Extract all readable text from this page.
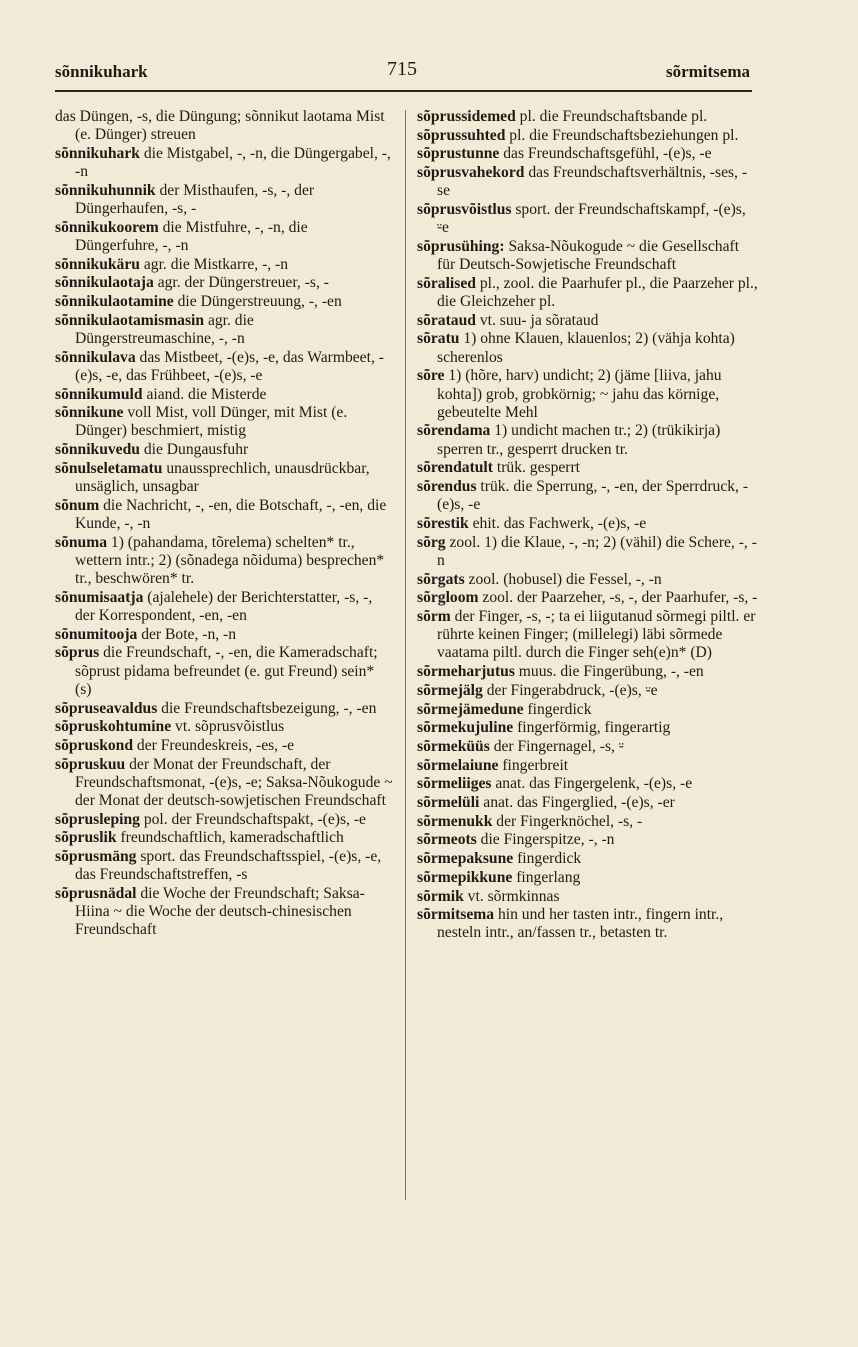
sõnnikuhark	715	sõrmitsema
das Düngen, -s, die Düngung; sõnnikut laotama Mist (e. Dünger) streuen
sõnnikuhark die Mistgabel, -, -n, die Düngergabel, -, -n
sõnnikuhunnik der Misthaufen, -s, -, der Düngerhaufen, -s, -
sõnnikukoorem die Mistfuhre, -, -n, die Düngerfuhre, -, -n
sõnnikukäru agr. die Mistkarre, -, -n
sõnnikulaotaja agr. der Düngerstreuer, -s, -
sõnnikulaotamine die Düngerstreuung, -, -en
sõnnikulaotamismasin agr. die Düngerstreumaschine, -, -n
sõnnikulava das Mistbeet, -(e)s, -e, das Warmbeet, -(e)s, -e, das Frühbeet, -(e)s, -e
sõnnikumuld aiand. die Misterde
sõnnikune voll Mist, voll Dünger, mit Mist (e. Dünger) beschmiert, mistig
sõnnikuvedu die Dungausfuhr
sõnulseletamatu unaussprechlich, unausdrückbar, unsäglich, unsagbar
sõnum die Nachricht, -, -en, die Botschaft, -, -en, die Kunde, -, -n
sõnuma 1) (pahandama, tõrelema) schelten* tr., wettern intr.; 2) (sõnadega nõiduma) besprechen* tr., beschwören* tr.
sõnumisaatja (ajalehele) der Berichterstatter, -s, -, der Korrespondent, -en, -en
sõnumitooja der Bote, -n, -n
sõprus die Freundschaft, -, -en, die Kameradschaft; sõprust pidama befreundet (e. gut Freund) sein* (s)
sõpruseavaldus die Freundschaftsbezeigung, -, -en
sõpruskohtumine vt. sõprusvõistlus
sõpruskond der Freundeskreis, -es, -e
sõpruskuu der Monat der Freundschaft, der Freundschaftsmonat, -(e)s, -e; Saksa-Nõukogude ~ der Monat der deutsch-sowjetischen Freundschaft
sõprusleping pol. der Freundschaftspakt, -(e)s, -e
sõpruslik freundschaftlich, kameradschaftlich
sõprusmäng sport. das Freundschaftsspiel, -(e)s, -e, das Freundschaftstreffen, -s
sõprusnädal die Woche der Freundschaft; Saksa-Hiina ~ die Woche der deutsch-chinesischen Freundschaft
sõprussidemed pl. die Freundschaftsbande pl.
sõprussuhted pl. die Freundschaftsbeziehungen pl.
sõprustunne das Freundschaftsgefühl, -(e)s, -e
sõprusvahekord das Freundschaftsverhältnis, -ses, -se
sõprusvõistlus sport. der Freundschaftskampf, -(e)s, ⸚e
sõprusühing: Saksa-Nõukogude ~ die Gesellschaft für Deutsch-Sowjetische Freundschaft
sõralised pl., zool. die Paarhufer pl., die Paarzeher pl., die Gleichzeher pl.
sõrataud vt. suu- ja sõrataud
sõratu 1) ohne Klauen, klauenlos; 2) (vähja kohta) scherenlos
sõre 1) (hõre, harv) undicht; 2) (jäme [liiva, jahu kohta]) grob, grobkörnig; ~ jahu das körnige, gebeutelte Mehl
sõrendama 1) undicht machen tr.; 2) (trükikirja) sperren tr., gesperrt drucken tr.
sõrendatult trük. gesperrt
sõrendus trük. die Sperrung, -, -en, der Sperrdruck, -(e)s, -e
sõrestik ehit. das Fachwerk, -(e)s, -e
sõrg zool. 1) die Klaue, -, -n; 2) (vähil) die Schere, -, -n
sõrgats zool. (hobusel) die Fessel, -, -n
sõrgloom zool. der Paarzeher, -s, -, der Paarhufer, -s, -
sõrm der Finger, -s, -; ta ei liigutanud sõrmegi piltl. er rührte keinen Finger; (millelegi) läbi sõrmede vaatama piltl. durch die Finger seh(e)n* (D)
sõrmeharjutus muus. die Fingerübung, -, -en
sõrmejälg der Fingerabdruck, -(e)s, ⸚e
sõrmejämedune fingerdick
sõrmekujuline fingerförmig, fingerartig
sõrmeküüs der Fingernagel, -s, ⸚
sõrmelaiune fingerbreit
sõrmeliiges anat. das Fingergelenk, -(e)s, -e
sõrmelüli anat. das Fingerglied, -(e)s, -er
sõrmenukk der Fingerknöchel, -s, -
sõrmeots die Fingerspitze, -, -n
sõrmepaksune fingerdick
sõrmepikkune fingerlang
sõrmik vt. sõrmkinnas
sõrmitsema hin und her tasten intr., fingern intr., nesteln intr., an/fassen tr., betasten tr.
